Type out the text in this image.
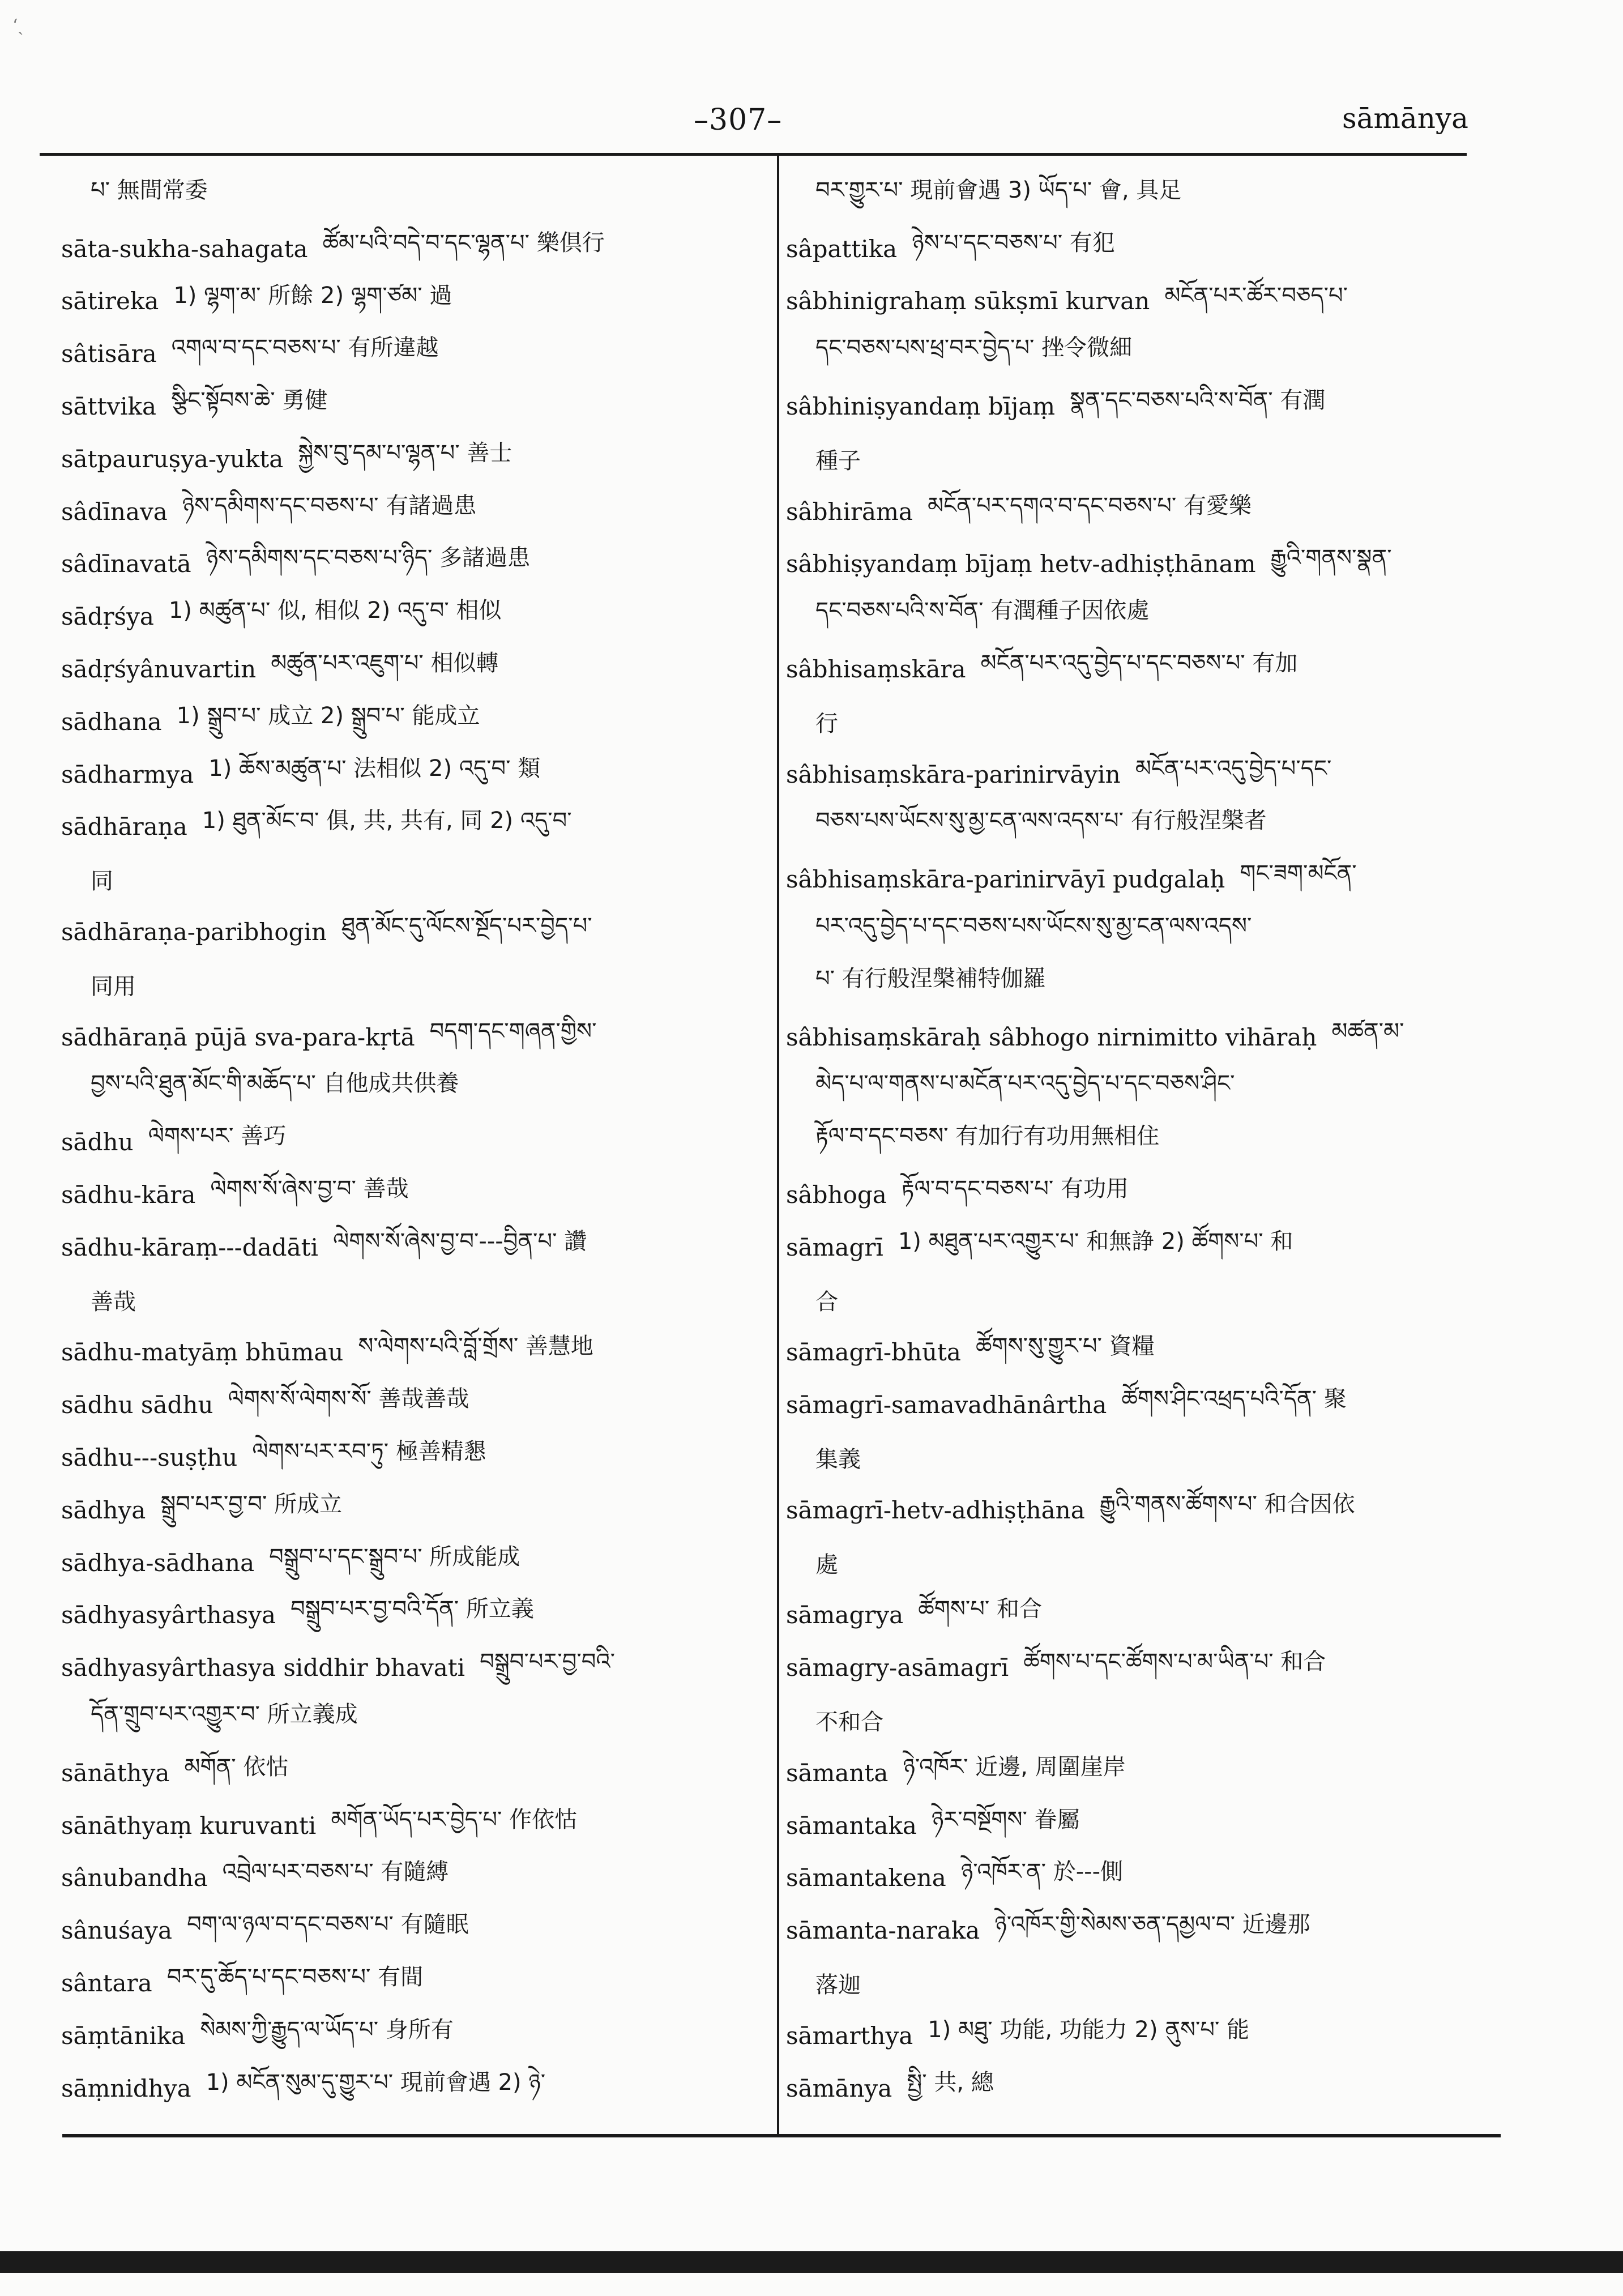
‘ˎ
–307–	sāmānya
པ་ 無間常委
sāta-sukha-sahagata ཚོམ་པའི་བདེ་བ་དང་ལྷན་པ་ 樂倶行
sātireka 1) ལྷག་མ་ 所餘 2) ལྷག་ཙམ་ 過
sâtisāra འགལ་བ་དང་བཅས་པ་ 有所違越
sāttvika སྩིང་སྟོབས་ཆེ་ 勇健
sātpauruṣya-yukta སྐྱེས་བུ་དམ་པ་ལྷན་པ་ 善士
sâdīnava ཉེས་དམིགས་དང་བཅས་པ་ 有諸過患
sâdīnavatā ཉེས་དམིགས་དང་བཅས་པ་ཉིད་ 多諸過患
sādṛśya 1) མཚུན་པ་ 似, 相似 2) འདུ་བ་ 相似
sādṛśyânuvartin མཚུན་པར་འཇུག་པ་ 相似轉
sādhana 1) སྒྲུབ་པ་ 成立 2) སྒྲུབ་པ་ 能成立
sādharmya 1) ཆོས་མཚུན་པ་ 法相似 2) འདུ་བ་ 類
sādhāraṇa 1) ཐུན་མོང་བ་ 俱, 共, 共有, 同 2) འདུ་བ་
同
sādhāraṇa-paribhogin ཐུན་མོང་དུ་ལོངས་སྔོད་པར་བྱེད་པ་
同用
sādhāraṇā pūjā sva-para-kṛtā བདག་དང་གཞན་གྱིས་
བྱས་པའི་ཐུན་མོང་གི་མཆོད་པ་ 自他成共供養
sādhu ལེགས་པར་ 善巧
sādhu-kāra ལེགས་སོ་ཞེས་བྱ་བ་ 善哉
sādhu-kāraṃ---dadāti ལེགས་སོ་ཞེས་བྱ་བ་---བྱིན་པ་ 讚
善哉
sādhu-matyāṃ bhūmau ས་ལེགས་པའི་བློ་གྲོས་ 善慧地
sādhu sādhu ལེགས་སོ་ལེགས་སོ་ 善哉善哉
sādhu---suṣṭhu ལེགས་པར་རབ་ཏུ་ 極善精懇
sādhya སྒྲུབ་པར་བྱ་བ་ 所成立
sādhya-sādhana བསྒྲུབ་པ་དང་སྒྲུབ་པ་ 所成能成
sādhyasyârthasya བསྒྲུབ་པར་བྱ་བའི་དོན་ 所立義
sādhyasyârthasya siddhir bhavati བསྒྲུབ་པར་བྱ་བའི་
དོན་གྲུབ་པར་འགྱུར་བ་ 所立義成
sānāthya མགོན་ 依怙
sānāthyaṃ kuruvanti མགོན་ཡོད་པར་བྱེད་པ་ 作依怙
sânubandha འབྲེལ་པར་བཅས་པ་ 有隨縛
sânuśaya བག་ལ་ཉལ་བ་དང་བཅས་པ་ 有隨眠
sântara བར་དུ་ཆོད་པ་དང་བཅས་པ་ 有間
sāṃtānika སེམས་ཀྱི་རྒྱུད་ལ་ཡོད་པ་ 身所有
sāṃnidhya 1) མངོན་སུམ་དུ་གྱུར་པ་ 現前會遇 2) ཉེ་
བར་གྱུར་པ་ 現前會遇 3) ཡོད་པ་ 會, 具足
sâpattika ཉེས་པ་དང་བཅས་པ་ 有犯
sâbhinigrahaṃ sūkṣmī kurvan མངོན་པར་ཚོར་བཅད་པ་
དང་བཅས་པས་ཕྲ་བར་བྱེད་པ་ 挫令微細
sâbhiniṣyandaṃ bījaṃ སྣན་དང་བཅས་པའི་ས་བོན་ 有潤
種子
sâbhirāma མངོན་པར་དགའ་བ་དང་བཅས་པ་ 有愛樂
sâbhiṣyandaṃ bījaṃ hetv-adhiṣṭhānam རྒྱུའི་གནས་སྣན་
དང་བཅས་པའི་ས་བོན་ 有潤種子因依處
sâbhisaṃskāra མངོན་པར་འདུ་བྱེད་པ་དང་བཅས་པ་ 有加
行
sâbhisaṃskāra-parinirvāyin མངོན་པར་འདུ་བྱེད་པ་དང་
བཅས་པས་ཡོངས་སུ་མྱ་ངན་ལས་འདས་པ་ 有行般涅槃者
sâbhisaṃskāra-parinirvāyī pudgalaḥ གང་ཟག་མངོན་
པར་འདུ་བྱེད་པ་དང་བཅས་པས་ཡོངས་སུ་མྱ་ངན་ལས་འདས་
པ་ 有行般涅槃補特伽羅
sâbhisaṃskāraḥ sâbhogo nirnimitto vihāraḥ མཚན་མ་
མེད་པ་ལ་གནས་པ་མངོན་པར་འདུ་བྱེད་པ་དང་བཅས་ཤིང་
རྟོལ་བ་དང་བཅས་ 有加行有功用無相住
sâbhoga རྟོལ་བ་དང་བཅས་པ་ 有功用
sāmagrī 1) མཐུན་པར་འགྱུར་པ་ 和無諍 2) ཚོགས་པ་ 和
合
sāmagrī-bhūta ཚོགས་སུ་གྱུར་པ་ 資糧
sāmagrī-samavadhānârtha ཚོགས་ཤིང་འཕྲད་པའི་དོན་ 聚
集義
sāmagrī-hetv-adhiṣṭhāna རྒྱུའི་གནས་ཚོགས་པ་ 和合因依
處
sāmagrya ཚོགས་པ་ 和合
sāmagry-asāmagrī ཚོགས་པ་དང་ཚོགས་པ་མ་ཡིན་པ་ 和合
不和合
sāmanta ཉེ་འཁོར་ 近邊, 周圍崖岸
sāmantaka ཉེར་བསྔོགས་ 眷屬
sāmantakena ཉེ་འཁོར་ན་ 於---側
sāmanta-naraka ཉེ་འཁོར་གྱི་སེམས་ཅན་དམྱལ་བ་ 近邊那
落迦
sāmarthya 1) མཐུ་ 功能, 功能力 2) ནུས་པ་ 能
sāmānya སྤྱི་ 共, 總
